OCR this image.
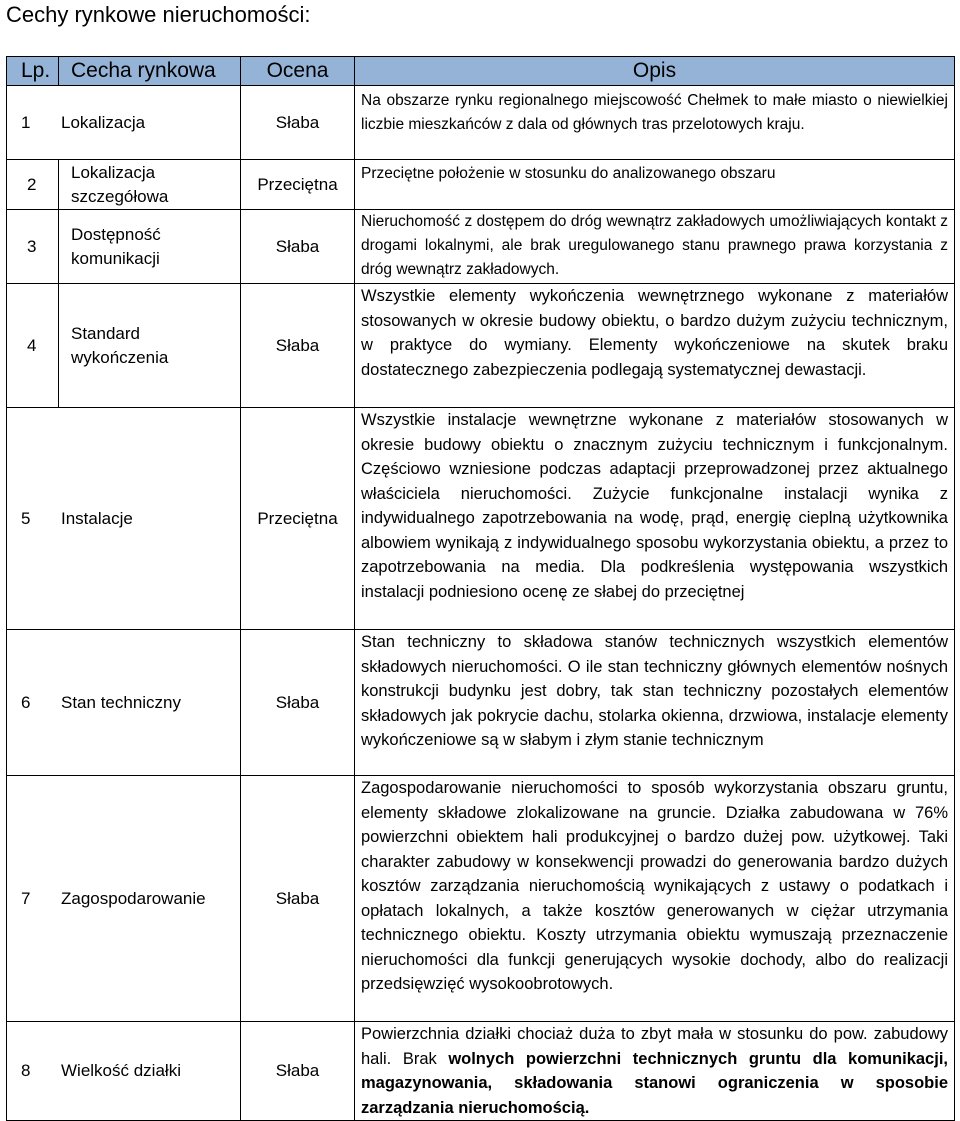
Cechy rynkowe nieruchomości:
Lp.	Cecha rynkowa	Ocena	Opis
1 Lokalizacja		Słaba	Na obszarze rynku regionalnego miejscowość Chełmek to małe miasto o niewielkiej liczbie mieszkańców z dala od głównych tras przelotowych kraju.
2	Lokalizacja szczegółowa	Przeciętna	Przeciętne położenie w stosunku do analizowanego obszaru
3	Dostępność komunikacji	Słaba	Nieruchomość z dostępem do dróg wewnątrz zakładowych umożliwiających kontakt z drogami lokalnymi, ale brak uregulowanego stanu prawnego prawa korzystania z dróg wewnątrz zakładowych.
4	Standard wykończenia	Słaba	Wszystkie elementy wykończenia wewnętrznego wykonane z materiałów stosowanych w okresie budowy obiektu, o bardzo dużym zużyciu technicznym, w praktyce do wymiany. Elementy wykończeniowe na skutek braku dostatecznego zabezpieczenia podlegają systematycznej dewastacji.
5 Instalacje		Przeciętna	Wszystkie instalacje wewnętrzne wykonane z materiałów stosowanych w okresie budowy obiektu o znacznym zużyciu technicznym i funkcjonalnym. Częściowo wzniesione podczas adaptacji przeprowadzonej przez aktualnego właściciela nieruchomości. Zużycie funkcjonalne instalacji wynika z indywidualnego zapotrzebowania na wodę, prąd, energię cieplną użytkownika albowiem wynikają z indywidualnego sposobu wykorzystania obiektu, a przez to zapotrzebowania na media. Dla podkreślenia występowania wszystkich instalacji podniesiono ocenę ze słabej do przeciętnej
6 Stan techniczny		Słaba	Stan techniczny to składowa stanów technicznych wszystkich elementów składowych nieruchomości. O ile stan techniczny głównych elementów nośnych konstrukcji budynku jest dobry, tak stan techniczny pozostałych elementów składowych jak pokrycie dachu, stolarka okienna, drzwiowa, instalacje elementy wykończeniowe są w słabym i złym stanie technicznym
7 Zagospodarowanie		Słaba	Zagospodarowanie nieruchomości to sposób wykorzystania obszaru gruntu, elementy składowe zlokalizowane na gruncie. Działka zabudowana w 76% powierzchni obiektem hali produkcyjnej o bardzo dużej pow. użytkowej. Taki charakter zabudowy w konsekwencji prowadzi do generowania bardzo dużych kosztów zarządzania nieruchomością wynikających z ustawy o podatkach i opłatach lokalnych, a także kosztów generowanych w ciężar utrzymania technicznego obiektu. Koszty utrzymania obiektu wymuszają przeznaczenie nieruchomości dla funkcji generujących wysokie dochody, albo do realizacji przedsięwzięć wysokoobrotowych.
8 Wielkość działki		Słaba	Powierzchnia działki chociaż duża to zbyt mała w stosunku do pow. zabudowy hali. Brak wolnych powierzchni technicznych gruntu dla komunikacji, magazynowania, składowania stanowi ograniczenia w sposobie zarządzania nieruchomością.
